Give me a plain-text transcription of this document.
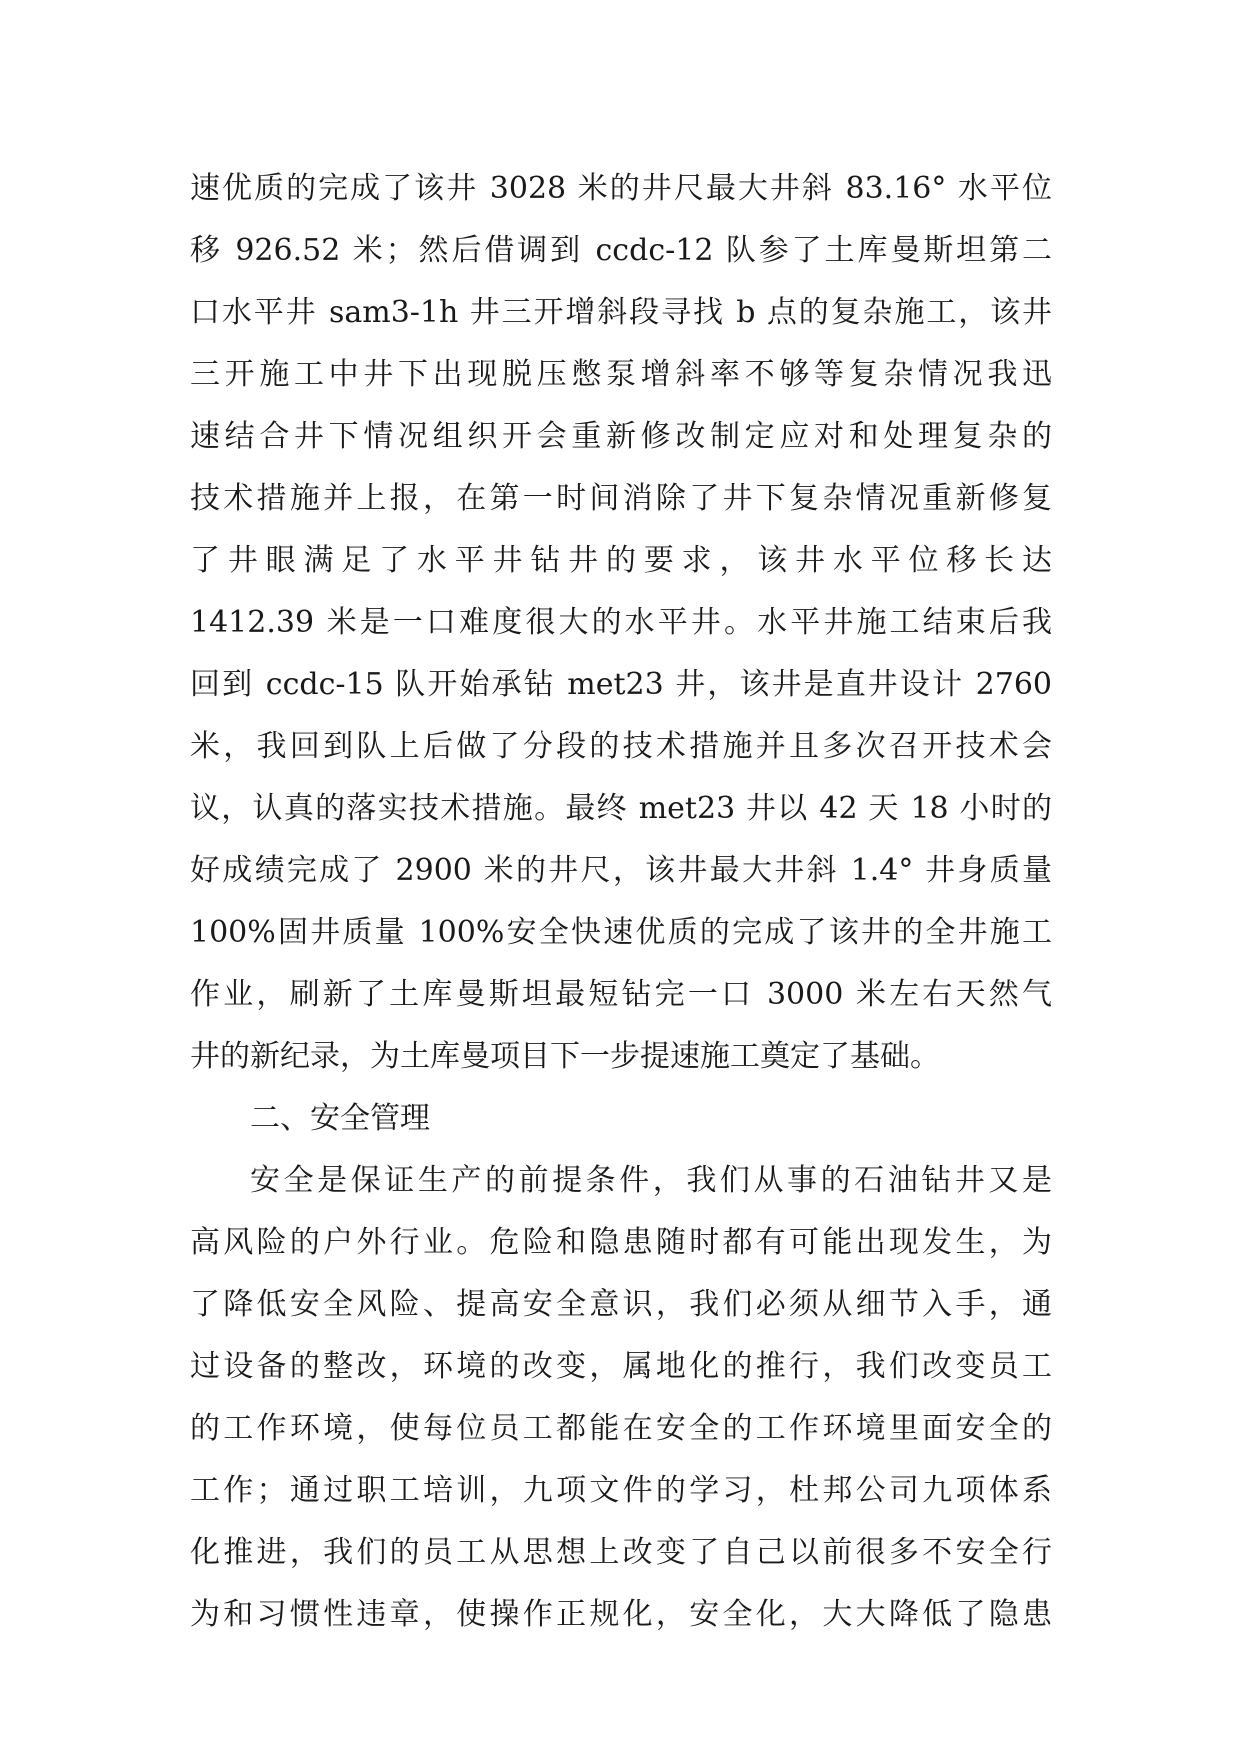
速优质的完成了该井 3028 米的井尺最大井斜 83.16° 水平位
移 926.52 米；然后借调到 ccdc-12 队参了土库曼斯坦第二
口水平井 sam3-1h 井三开增斜段寻找 b 点的复杂施工，该井
三开施工中井下出现脱压憋泵增斜率不够等复杂情况我迅
速结合井下情况组织开会重新修改制定应对和处理复杂的
技术措施并上报，在第一时间消除了井下复杂情况重新修复
了井眼满足了水平井钻井的要求，该井水平位移长达
1412.39 米是一口难度很大的水平井。水平井施工结束后我
回到 ccdc-15 队开始承钻 met23 井，该井是直井设计 2760
米，我回到队上后做了分段的技术措施并且多次召开技术会
议，认真的落实技术措施。最终 met23 井以 42 天 18 小时的
好成绩完成了 2900 米的井尺，该井最大井斜 1.4° 井身质量
100%固井质量 100%安全快速优质的完成了该井的全井施工
作业，刷新了土库曼斯坦最短钻完一口 3000 米左右天然气
井的新纪录，为土库曼项目下一步提速施工奠定了基础。
二、安全管理
安全是保证生产的前提条件，我们从事的石油钻井又是
高风险的户外行业。危险和隐患随时都有可能出现发生，为
了降低安全风险、提高安全意识，我们必须从细节入手，通
过设备的整改，环境的改变，属地化的推行，我们改变员工
的工作环境，使每位员工都能在安全的工作环境里面安全的
工作；通过职工培训，九项文件的学习，杜邦公司九项体系
化推进，我们的员工从思想上改变了自己以前很多不安全行
为和习惯性违章，使操作正规化，安全化，大大降低了隐患
